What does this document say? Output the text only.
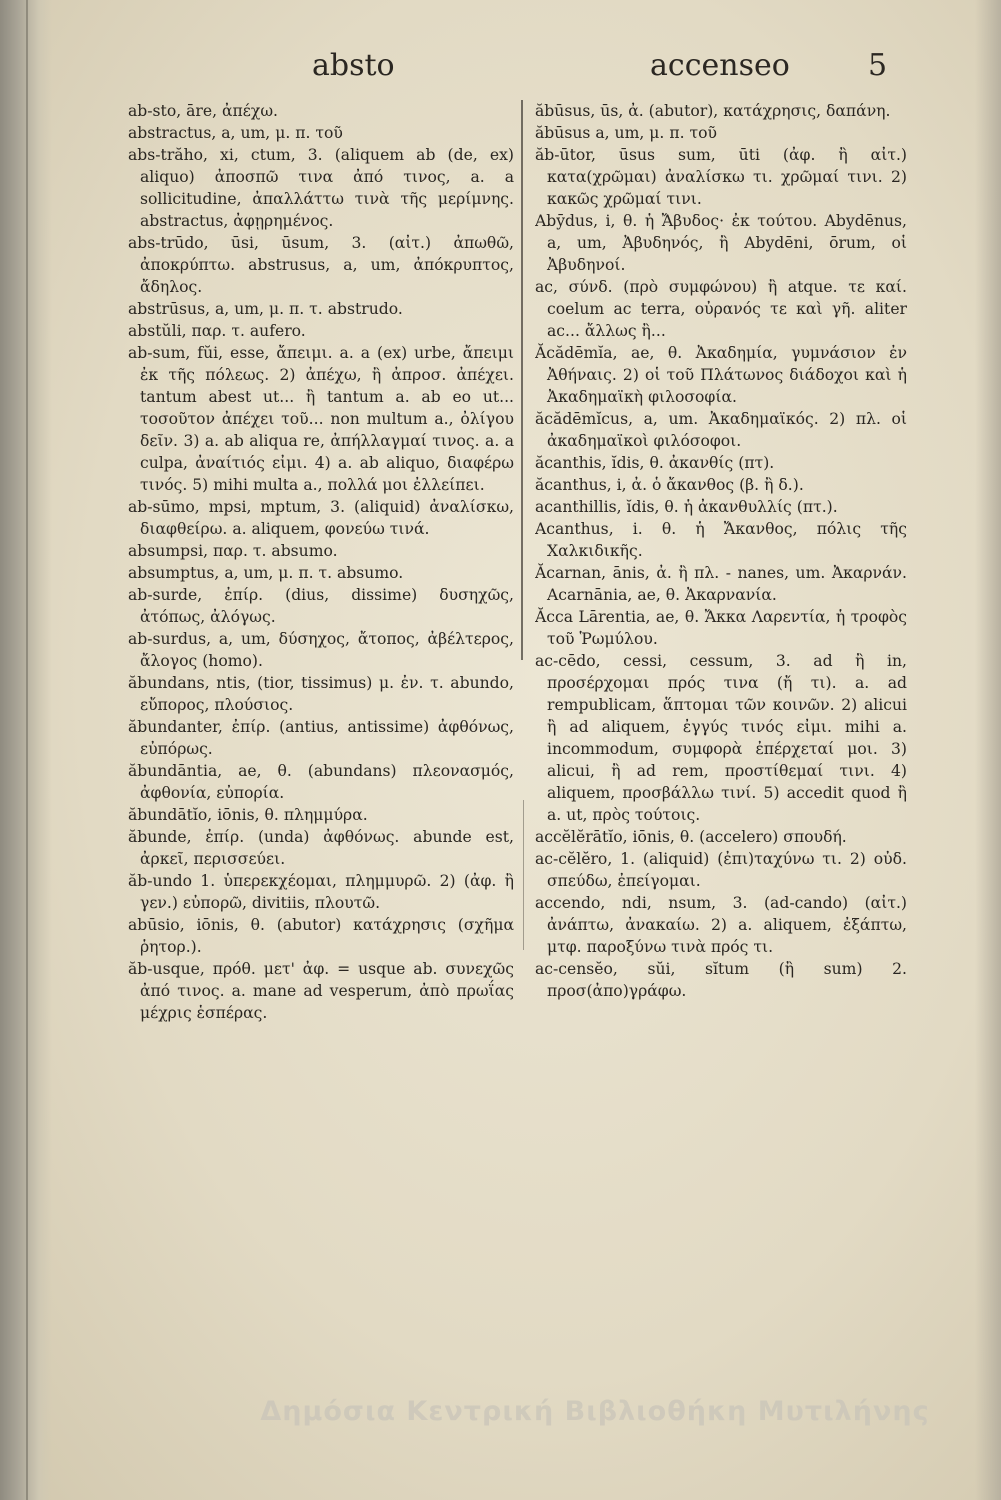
absto	accenseo	5

ab-sto, āre, ἀπέχω.

abstractus, a, um, μ. π. τοῦ

abs-trăho, xi, ctum, 3. (aliquem ab (de, ex) aliquo) ἀποσπῶ τινα ἀπό τινος, a. a sollicitudine, ἀπαλλάττω τινὰ τῆς μερίμνης. abstractus, ἀφῃρημένος.

abs-trūdo, ūsi, ūsum, 3. (αἰτ.) ἀπωθῶ, ἀποκρύπτω. abstrusus, a, um, ἀπόκρυπτος, ἄδηλος.

abstrūsus, a, um, μ. π. τ. abstrudo.

abstŭli, παρ. τ. aufero.

ab-sum, fŭi, esse, ἄπειμι. a. a (ex) urbe, ἄπειμι ἐκ τῆς πόλεως. 2) ἀπέχω, ἢ ἀπροσ. ἀπέχει. tantum abest ut... ἢ tantum a. ab eo ut... τοσοῦτον ἀπέχει τοῦ... non multum a., ὀλίγου δεῖν. 3) a. ab aliqua re, ἀπήλλαγμαί τινος. a. a culpa, ἀναίτιός εἰμι. 4) a. ab aliquo, διαφέρω τινός. 5) mihi multa a., πολλά μοι ἐλλείπει.

ab-sūmo, mpsi, mptum, 3. (aliquid) ἀναλίσκω, διαφθείρω. a. aliquem, φονεύω τινά.

absumpsi, παρ. τ. absumo.

absumptus, a, um, μ. π. τ. absumo.

ab-surde, ἐπίρ. (dius, dissime) δυσηχῶς, ἀτόπως, ἀλόγως.

ab-surdus, a, um, δύσηχος, ἄτοπος, ἀβέλτερος, ἄλογος (homo).

ăbundans, ntis, (tior, tissimus) μ. ἐν. τ. abundo, εὔπορος, πλούσιος.

ăbundanter, ἐπίρ. (antius, antissime) ἀφθόνως, εὐπόρως.

ăbundāntia, ae, θ. (abundans) πλεονασμός, ἀφθονία, εὐπορία.

ăbundātĭo, iōnis, θ. πλημμύρα.

ăbunde, ἐπίρ. (unda) ἀφθόνως. abunde est, ἀρκεῖ, περισσεύει.

ăb-undo 1. ὑπερεκχέομαι, πλημμυρῶ. 2) (ἀφ. ἢ γεν.) εὐπορῶ, divitiis, πλουτῶ.

abūsio, iōnis, θ. (abutor) κατάχρησις (σχῆμα ῥητορ.).

ăb-usque, πρόθ. μετ' ἀφ. = usque ab. συνεχῶς ἀπό τινος. a. mane ad vesperum, ἀπὸ πρωΐας μέχρις ἑσπέρας.

ăbūsus, ūs, ἀ. (abutor), κατάχρησις, δαπάνη.

ăbūsus a, um, μ. π. τοῦ

ăb-ūtor, ūsus sum, ūti (ἀφ. ἢ αἰτ.) κατα(χρῶμαι) ἀναλίσκω τι. χρῶμαί τινι. 2) κακῶς χρῶμαί τινι.

Abȳdus, i, θ. ἡ Ἄβυδος· ἐκ τούτου. Abydēnus, a, um, Ἀβυδηνός, ἢ Abydēni, ōrum, οἱ Ἀβυδηνοί.

ac, σύνδ. (πρὸ συμφώνου) ἢ atque. τε καί. coelum ac terra, οὐρανός τε καὶ γῆ. aliter ac... ἄλλως ἢ...

Ăcădēmĭa, ae, θ. Ἀκαδημία, γυμνάσιον ἐν Ἀθήναις. 2) οἱ τοῦ Πλάτωνος διάδοχοι καὶ ἡ Ἀκαδημαϊκὴ φιλοσοφία.

ăcădēmĭcus, a, um. Ἀκαδημαϊκός. 2) πλ. οἱ ἀκαδημαϊκοὶ φιλόσοφοι.

ăcanthis, ĭdis, θ. ἀκανθίς (πτ).

ăcanthus, i, ἀ. ὁ ἄκανθος (β. ἢ δ.).

acanthillis, ĭdis, θ. ἡ ἀκανθυλλίς (πτ.).

Acanthus, i. θ. ἡ Ἄκανθος, πόλις τῆς Χαλκιδικῆς.

Ăcarnan, ānis, ἀ. ἢ πλ. - nanes, um. Ἀκαρνάν. Acarnānia, ae, θ. Ἀκαρνανία.

Ăcca Lārentia, ae, θ. Ἄκκα Λαρεντία, ἡ τροφὸς τοῦ Ῥωμύλου.

ac-cēdo, cessi, cessum, 3. ad ἢ in, προσέρχομαι πρός τινα (ἤ τι). a. ad rempublicam, ἅπτομαι τῶν κοινῶν. 2) alicui ἢ ad aliquem, ἐγγύς τινός εἰμι. mihi a. incommodum, συμφορὰ ἐπέρχεταί μοι. 3) alicui, ἢ ad rem, προστίθεμαί τινι. 4) aliquem, προσβάλλω τινί. 5) accedit quod ἢ a. ut, πρὸς τούτοις.

accĕlĕrātĭo, iōnis, θ. (accelero) σπουδή.

ac-cĕlĕro, 1. (aliquid) (ἐπι)ταχύνω τι. 2) οὐδ. σπεύδω, ἐπείγομαι.

accendo, ndi, nsum, 3. (ad-cando) (αἰτ.) ἀνάπτω, ἀνακαίω. 2) a. aliquem, ἐξάπτω, μτφ. παροξύνω τινὰ πρός τι.

ac-censĕo, sŭi, sĭtum (ἢ sum) 2. προσ(ἀπο)γράφω.

Δημόσια Κεντρική Βιβλιοθήκη Μυτιλήνης
